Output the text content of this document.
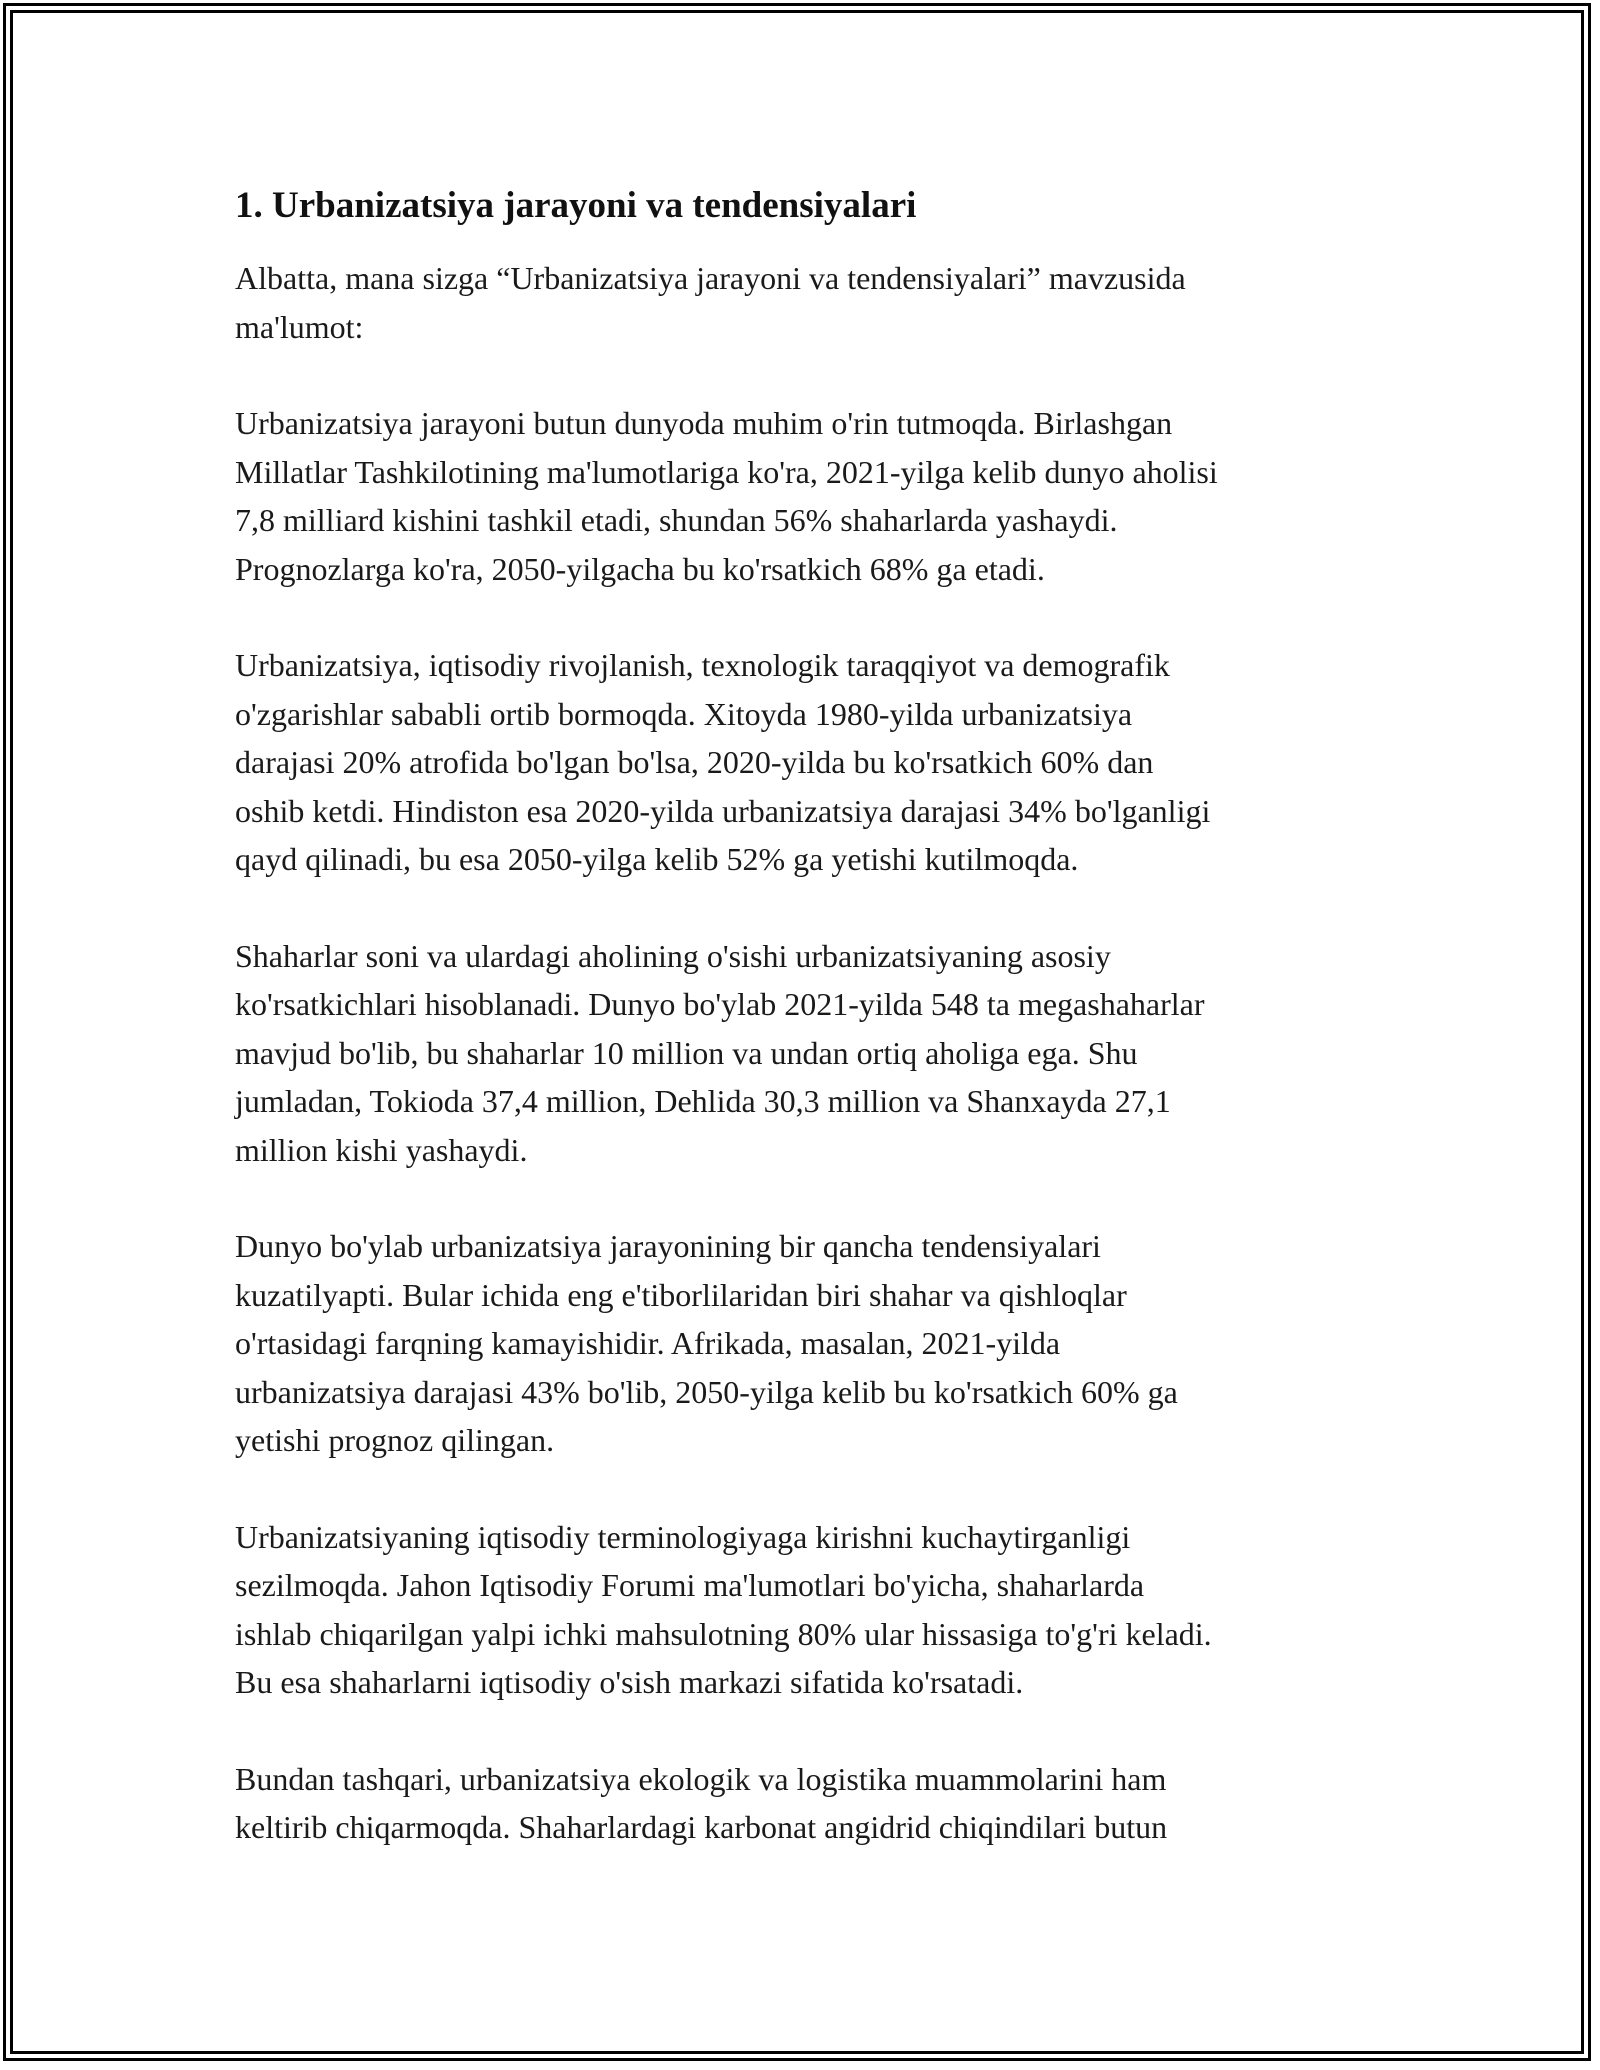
1. Urbanizatsiya jarayoni va tendensiyalari

Albatta, mana sizga “Urbanizatsiya jarayoni va tendensiyalari” mavzusida
ma'lumot:

Urbanizatsiya jarayoni butun dunyoda muhim o'rin tutmoqda. Birlashgan
Millatlar Tashkilotining ma'lumotlariga ko'ra, 2021-yilga kelib dunyo aholisi
7,8 milliard kishini tashkil etadi, shundan 56% shaharlarda yashaydi.
Prognozlarga ko'ra, 2050-yilgacha bu ko'rsatkich 68% ga etadi.

Urbanizatsiya, iqtisodiy rivojlanish, texnologik taraqqiyot va demografik
o'zgarishlar sababli ortib bormoqda. Xitoyda 1980-yilda urbanizatsiya
darajasi 20% atrofida bo'lgan bo'lsa, 2020-yilda bu ko'rsatkich 60% dan
oshib ketdi. Hindiston esa 2020-yilda urbanizatsiya darajasi 34% bo'lganligi
qayd qilinadi, bu esa 2050-yilga kelib 52% ga yetishi kutilmoqda.

Shaharlar soni va ulardagi aholining o'sishi urbanizatsiyaning asosiy
ko'rsatkichlari hisoblanadi. Dunyo bo'ylab 2021-yilda 548 ta megashaharlar
mavjud bo'lib, bu shaharlar 10 million va undan ortiq aholiga ega. Shu
jumladan, Tokioda 37,4 million, Dehlida 30,3 million va Shanxayda 27,1
million kishi yashaydi.

Dunyo bo'ylab urbanizatsiya jarayonining bir qancha tendensiyalari
kuzatilyapti. Bular ichida eng e'tiborlilaridan biri shahar va qishloqlar
o'rtasidagi farqning kamayishidir. Afrikada, masalan, 2021-yilda
urbanizatsiya darajasi 43% bo'lib, 2050-yilga kelib bu ko'rsatkich 60% ga
yetishi prognoz qilingan.

Urbanizatsiyaning iqtisodiy terminologiyaga kirishni kuchaytirganligi
sezilmoqda. Jahon Iqtisodiy Forumi ma'lumotlari bo'yicha, shaharlarda
ishlab chiqarilgan yalpi ichki mahsulotning 80% ular hissasiga to'g'ri keladi.
Bu esa shaharlarni iqtisodiy o'sish markazi sifatida ko'rsatadi.

Bundan tashqari, urbanizatsiya ekologik va logistika muammolarini ham
keltirib chiqarmoqda. Shaharlardagi karbonat angidrid chiqindilari butun
